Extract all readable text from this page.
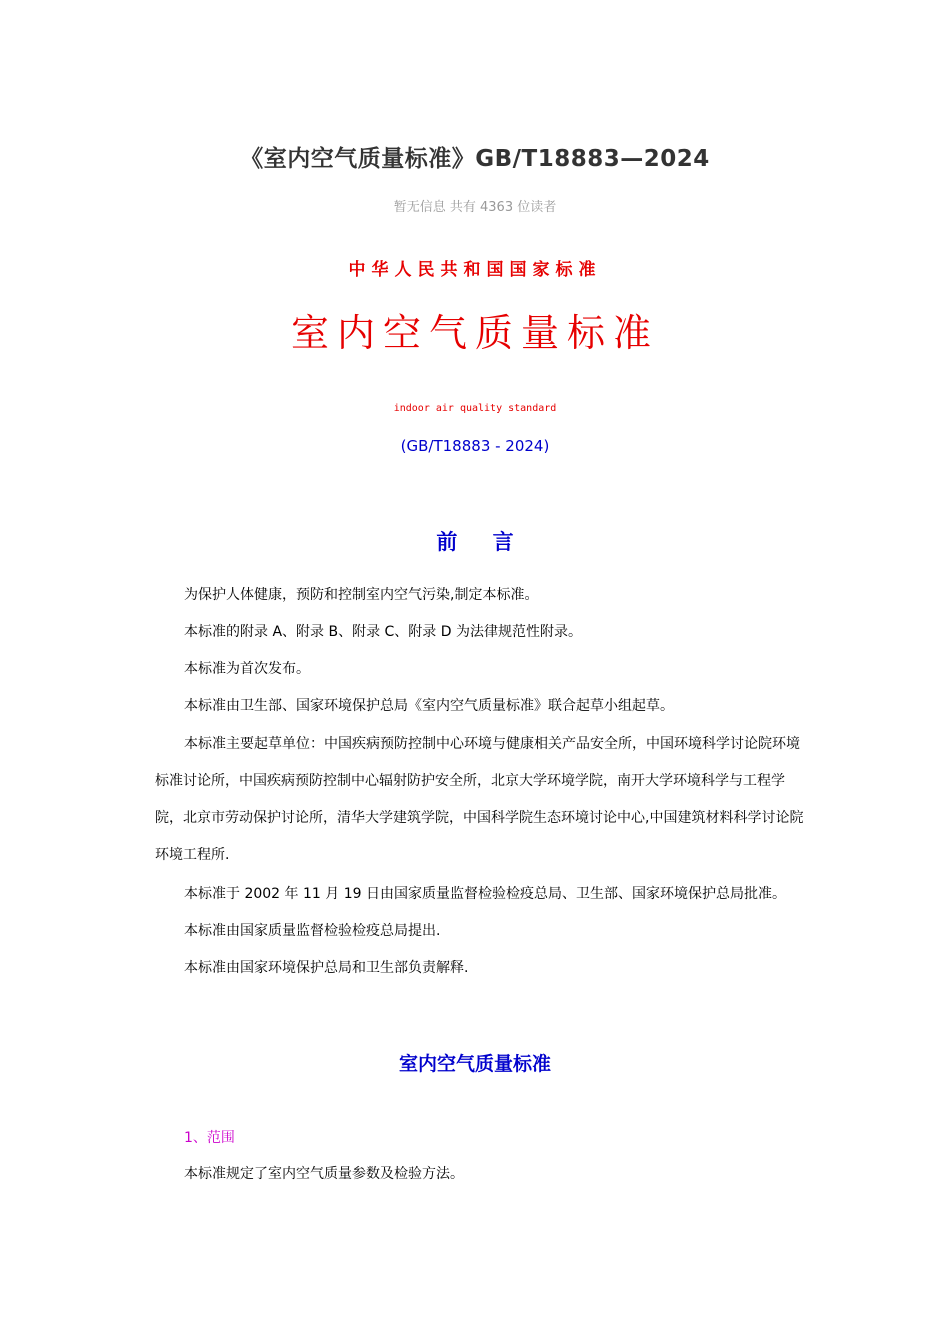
《室内空气质量标准》GB/T18883—2024
暂无信息 共有 4363 位读者
中华人民共和国国家标准
室内空气质量标准
indoor air quality standard
(GB/T18883 - 2024)
前 言
为保护人体健康，预防和控制室内空气污染,制定本标准。
本标准的附录 A、附录 B、附录 C、附录 D 为法律规范性附录。
本标准为首次发布。
本标准由卫生部、国家环境保护总局《室内空气质量标准》联合起草小组起草。
本标准主要起草单位：中国疾病预防控制中心环境与健康相关产品安全所，中国环境科学讨论院环境标准讨论所，中国疾病预防控制中心辐射防护安全所，北京大学环境学院，南开大学环境科学与工程学院，北京市劳动保护讨论所，清华大学建筑学院，中国科学院生态环境讨论中心,中国建筑材料科学讨论院环境工程所.
本标准于 2002 年 11 月 19 日由国家质量监督检验检疫总局、卫生部、国家环境保护总局批准。
本标准由国家质量监督检验检疫总局提出.
本标准由国家环境保护总局和卫生部负责解释.
室内空气质量标准
1、范围
本标准规定了室内空气质量参数及检验方法。
